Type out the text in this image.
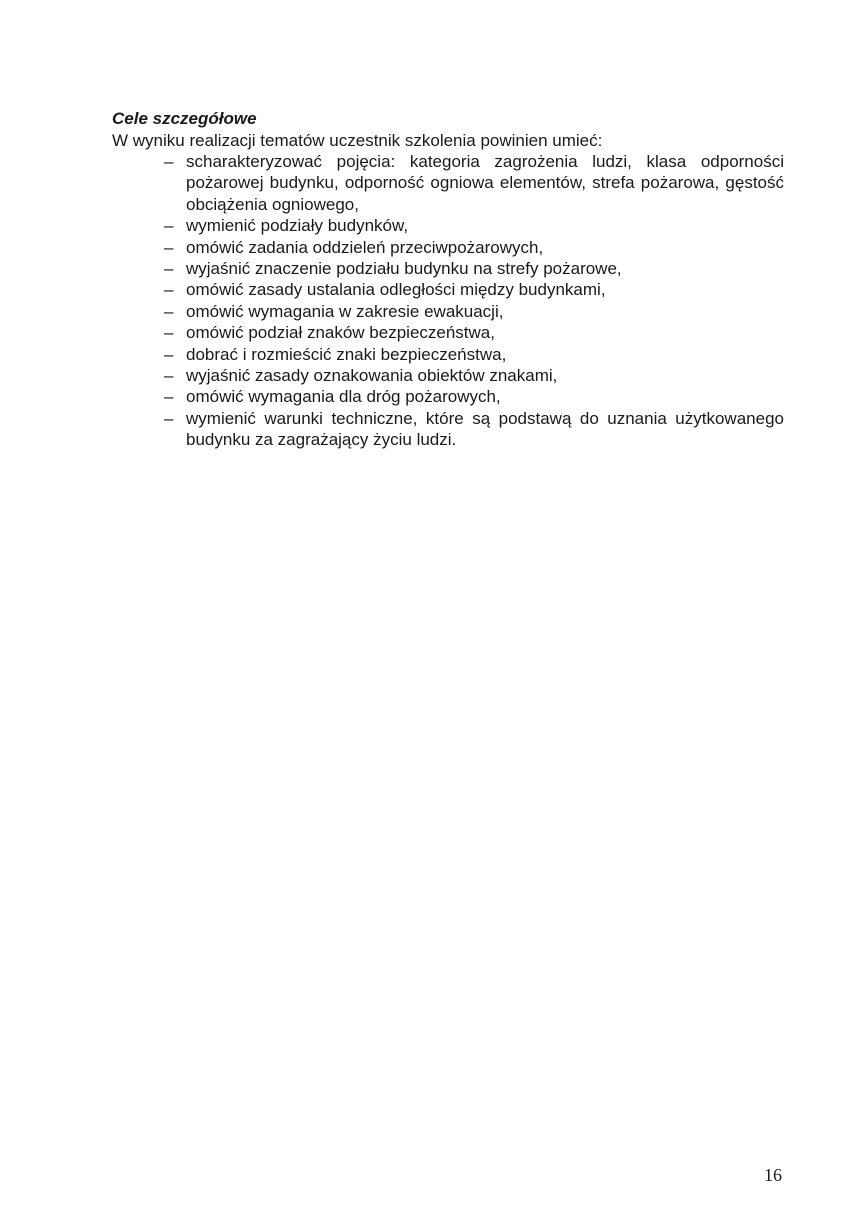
Cele szczegółowe

W wyniku realizacji tematów uczestnik szkolenia powinien umieć:

– scharakteryzować pojęcia: kategoria zagrożenia ludzi, klasa odporności pożarowej budynku, odporność ogniowa elementów, strefa pożarowa, gęstość obciążenia ogniowego,
– wymienić podziały budynków,
– omówić zadania oddzieleń przeciwpożarowych,
– wyjaśnić znaczenie podziału budynku na strefy pożarowe,
– omówić zasady ustalania odległości między budynkami,
– omówić wymagania w zakresie ewakuacji,
– omówić podział znaków bezpieczeństwa,
– dobrać i rozmieścić znaki bezpieczeństwa,
– wyjaśnić zasady oznakowania obiektów znakami,
– omówić wymagania dla dróg pożarowych,
– wymienić warunki techniczne, które są podstawą do uznania użytkowanego budynku za zagrażający życiu ludzi.
16
